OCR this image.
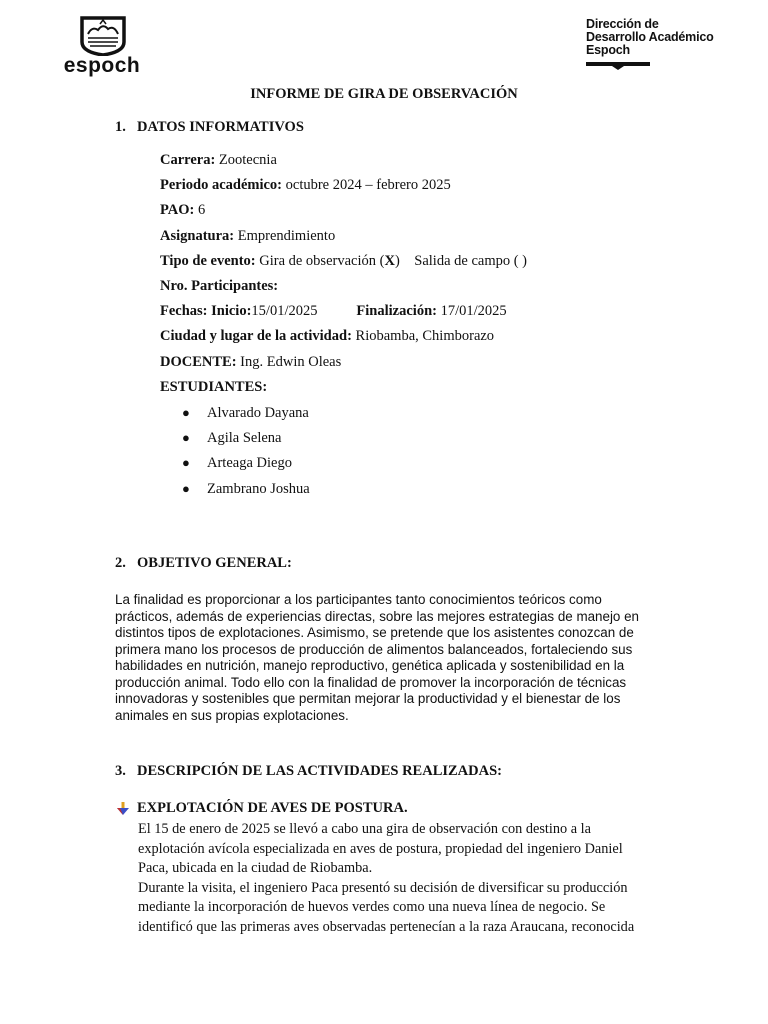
espoch
Dirección de
Desarrollo Académico
Espoch
INFORME DE GIRA DE OBSERVACIÓN
1. DATOS INFORMATIVOS
Carrera: Zootecnia
Periodo académico: octubre 2024 – febrero 2025
PAO: 6
Asignatura: Emprendimiento
Tipo de evento: Gira de observación (X)    Salida de campo ( )
Nro. Participantes:
Fechas: Inicio:15/01/2025	Finalización: 17/01/2025
Ciudad y lugar de la actividad: Riobamba, Chimborazo
DOCENTE: Ing. Edwin Oleas
ESTUDIANTES:
● Alvarado Dayana
● Agila Selena
● Arteaga Diego
● Zambrano Joshua
2. OBJETIVO GENERAL:
La finalidad es proporcionar a los participantes tanto conocimientos teóricos como
prácticos, además de experiencias directas, sobre las mejores estrategias de manejo en
distintos tipos de explotaciones. Asimismo, se pretende que los asistentes conozcan de
primera mano los procesos de producción de alimentos balanceados, fortaleciendo sus
habilidades en nutrición, manejo reproductivo, genética aplicada y sostenibilidad en la
producción animal. Todo ello con la finalidad de promover la incorporación de técnicas
innovadoras y sostenibles que permitan mejorar la productividad y el bienestar de los
animales en sus propias explotaciones.
3. DESCRIPCIÓN DE LAS ACTIVIDADES REALIZADAS:
EXPLOTACIÓN DE AVES DE POSTURA.

El 15 de enero de 2025 se llevó a cabo una gira de observación con destino a la

explotación avícola especializada en aves de postura, propiedad del ingeniero Daniel

Paca, ubicada en la ciudad de Riobamba.

Durante la visita, el ingeniero Paca presentó su decisión de diversificar su producción

mediante la incorporación de huevos verdes como una nueva línea de negocio. Se

identificó que las primeras aves observadas pertenecían a la raza Araucana, reconocida
